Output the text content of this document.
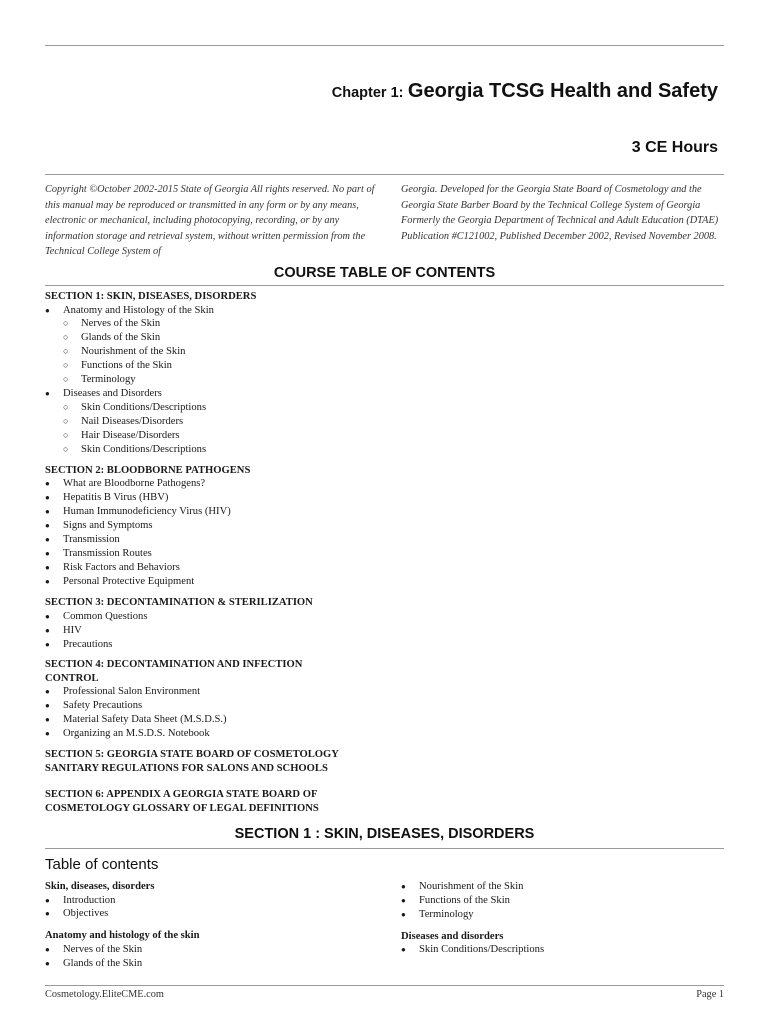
Chapter 1: Georgia TCSG Health and Safety
3 CE Hours
Copyright ©October 2002-2015 State of Georgia All rights reserved. No part of this manual may be reproduced or transmitted in any form or by any means, electronic or mechanical, including photocopying, recording, or by any information storage and retrieval system, without written permission from the Technical College System of
Georgia. Developed for the Georgia State Board of Cosmetology and the Georgia State Barber Board by the Technical College System of Georgia Formerly the Georgia Department of Technical and Adult Education (DTAE) Publication #C121002, Published December 2002, Revised November 2008.
COURSE TABLE OF CONTENTS
SECTION 1: SKIN, DISEASES, DISORDERS
● Anatomy and Histology of the Skin
○ Nerves of the Skin
○ Glands of the Skin
○ Nourishment of the Skin
○ Functions of the Skin
○ Terminology
● Diseases and Disorders
○ Skin Conditions/Descriptions
○ Nail Diseases/Disorders
○ Hair Disease/Disorders
○ Skin Conditions/Descriptions
SECTION 2: BLOODBORNE PATHOGENS
● What are Bloodborne Pathogens?
● Hepatitis B Virus (HBV)
● Human Immunodeficiency Virus (HIV)
● Signs and Symptoms
● Transmission
● Transmission Routes
● Risk Factors and Behaviors
● Personal Protective Equipment
SECTION 3: DECONTAMINATION & STERILIZATION
● Common Questions
● HIV
● Precautions
SECTION 4: DECONTAMINATION AND INFECTION
CONTROL
● Professional Salon Environment
● Safety Precautions
● Material Safety Data Sheet (M.S.D.S.)
● Organizing an M.S.D.S. Notebook
SECTION 5: GEORGIA STATE BOARD OF COSMETOLOGY
SANITARY REGULATIONS FOR SALONS AND SCHOOLS
SECTION 6: APPENDIX A GEORGIA STATE BOARD OF
COSMETOLOGY GLOSSARY OF LEGAL DEFINITIONS
SECTION 1 : SKIN, DISEASES, DISORDERS
Table of contents
Skin, diseases, disorders
● Introduction
● Objectives
Anatomy and histology of the skin
● Nerves of the Skin
● Glands of the Skin
● Nourishment of the Skin
● Functions of the Skin
● Terminology
Diseases and disorders
● Skin Conditions/Descriptions
Cosmetology.EliteCME.com	Page 1
